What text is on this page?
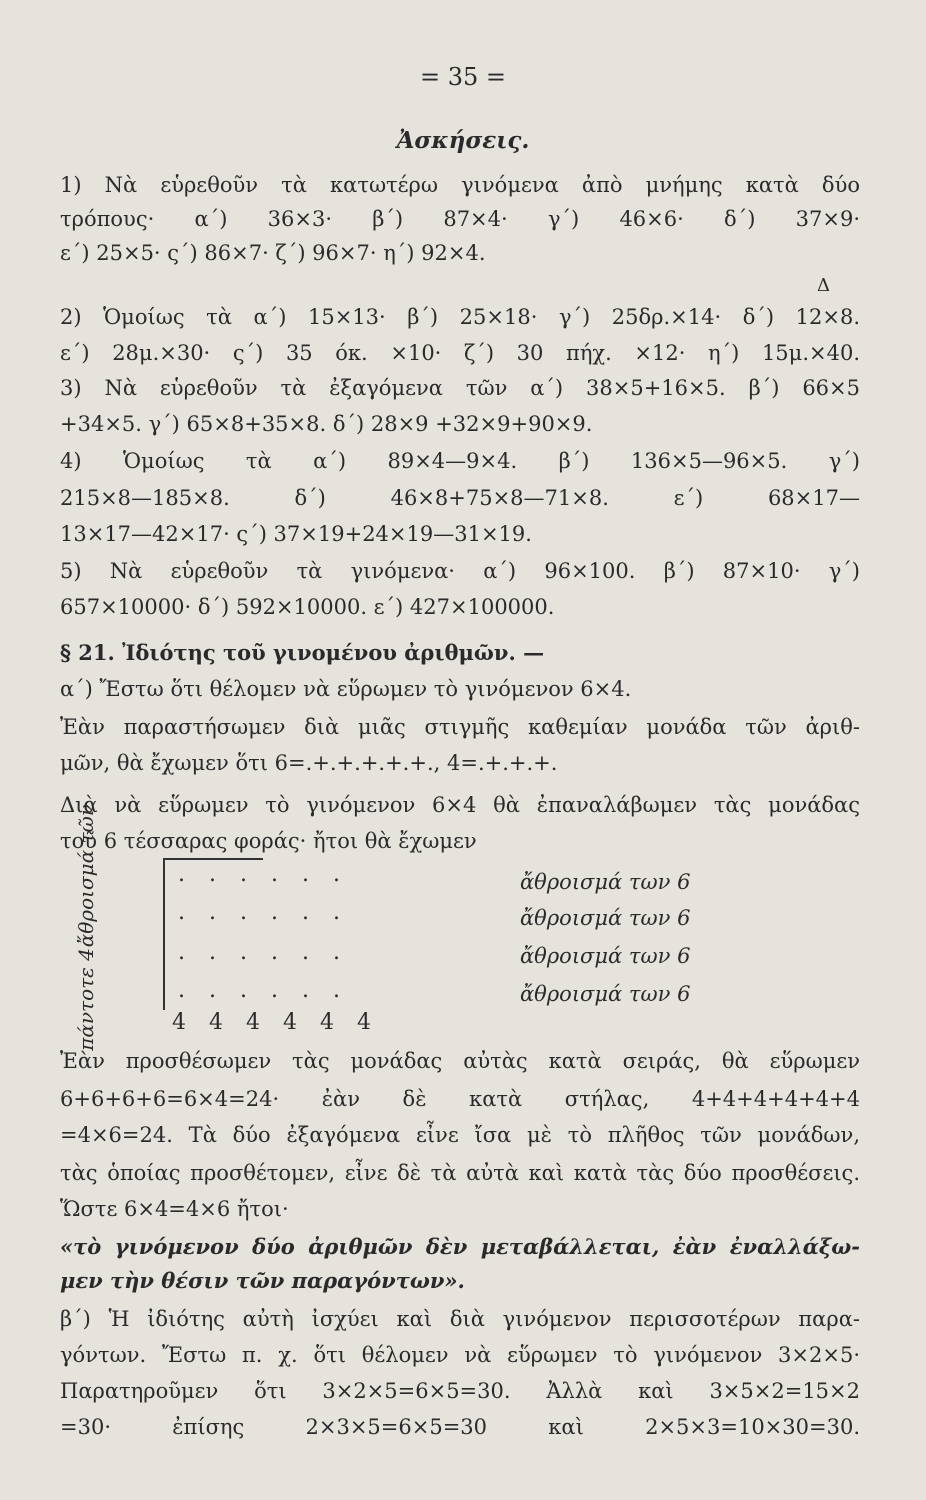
= 35 =
Ἀσκήσεις.
1) Νὰ εὑρεθοῦν τὰ κατωτέρω γινόμενα ἀπὸ μνήμης κατὰ δύο
τρόπους· α΄) 36×3· β΄) 87×4· γ΄) 46×6· δ΄) 37×9·
ε΄) 25×5· ς΄) 86×7· ζ΄) 96×7· η΄) 92×4.
Δ
2) Ὁμοίως τὰ α΄) 15×13· β΄) 25×18· γ΄) 25δρ.×14· δ΄) 12×8.
ε΄) 28μ.×30· ς΄) 35 όκ. ×10· ζ΄) 30 πήχ. ×12· η΄) 15μ.×40.
3) Νὰ εὑρεθοῦν τὰ ἐξαγόμενα τῶν α΄) 38×5+16×5. β΄) 66×5
+34×5. γ΄) 65×8+35×8. δ΄) 28×9 +32×9+90×9.
4) Ὁμοίως τὰ α΄) 89×4—9×4. β΄) 136×5—96×5. γ΄)
215×8—185×8. δ΄) 46×8+75×8—71×8. ε΄) 68×17—
13×17—42×17· ς΄) 37×19+24×19—31×19.
5) Νὰ εὑρεθοῦν τὰ γινόμενα· α΄) 96×100. β΄) 87×10· γ΄)
657×10000· δ΄) 592×10000. ε΄) 427×100000.
§ 21. Ἰδιότης τοῦ γινομένου ἀριθμῶν. —
α΄) Ἔστω ὅτι θέλομεν νὰ εὕρωμεν τὸ γινόμενον 6×4.
Ἐὰν παραστήσωμεν διὰ μιᾶς στιγμῆς καθεμίαν μονάδα τῶν ἀριθ-
μῶν, θὰ ἔχωμεν ὅτι 6=.+.+.+.+.+., 4=.+.+.+.
Διὰ νὰ εὕρωμεν τὸ γινόμενον 6×4 θὰ ἐπαναλάβωμεν τὰς μονάδας
τοῦ 6 τέσσαρας φοράς· ἤτοι θὰ ἔχωμεν
ἄθροισμά τῶν
πάντοτε 4
......
......
......
......
ἄθροισμά των 6
ἄθροισμά των 6
ἄθροισμά των 6
ἄθροισμά των 6
4 4 4 4 4 4
Ἐὰν προσθέσωμεν τὰς μονάδας αὐτὰς κατὰ σειράς, θὰ εὕρωμεν
6+6+6+6=6×4=24· ἐὰν δὲ κατὰ στήλας, 4+4+4+4+4+4
=4×6=24. Τὰ δύο ἐξαγόμενα εἶνε ἴσα μὲ τὸ πλῆθος τῶν μονάδων,
τὰς ὁποίας προσθέτομεν, εἶνε δὲ τὰ αὐτὰ καὶ κατὰ τὰς δύο προσθέσεις.
Ὥστε 6×4=4×6 ἤτοι·
«τὸ γινόμενον δύο ἀριθμῶν δὲν μεταβάλλεται, ἐὰν ἐναλλάξω-
μεν τὴν θέσιν τῶν παραγόντων».
β΄) Ἡ ἰδιότης αὐτὴ ἰσχύει καὶ διὰ γινόμενον περισσοτέρων παρα-
γόντων. Ἔστω π. χ. ὅτι θέλομεν νὰ εὕρωμεν τὸ γινόμενον 3×2×5·
Παρατηροῦμεν ὅτι 3×2×5=6×5=30. Ἀλλὰ καὶ 3×5×2=15×2
=30· ἐπίσης 2×3×5=6×5=30 καὶ 2×5×3=10×30=30.
